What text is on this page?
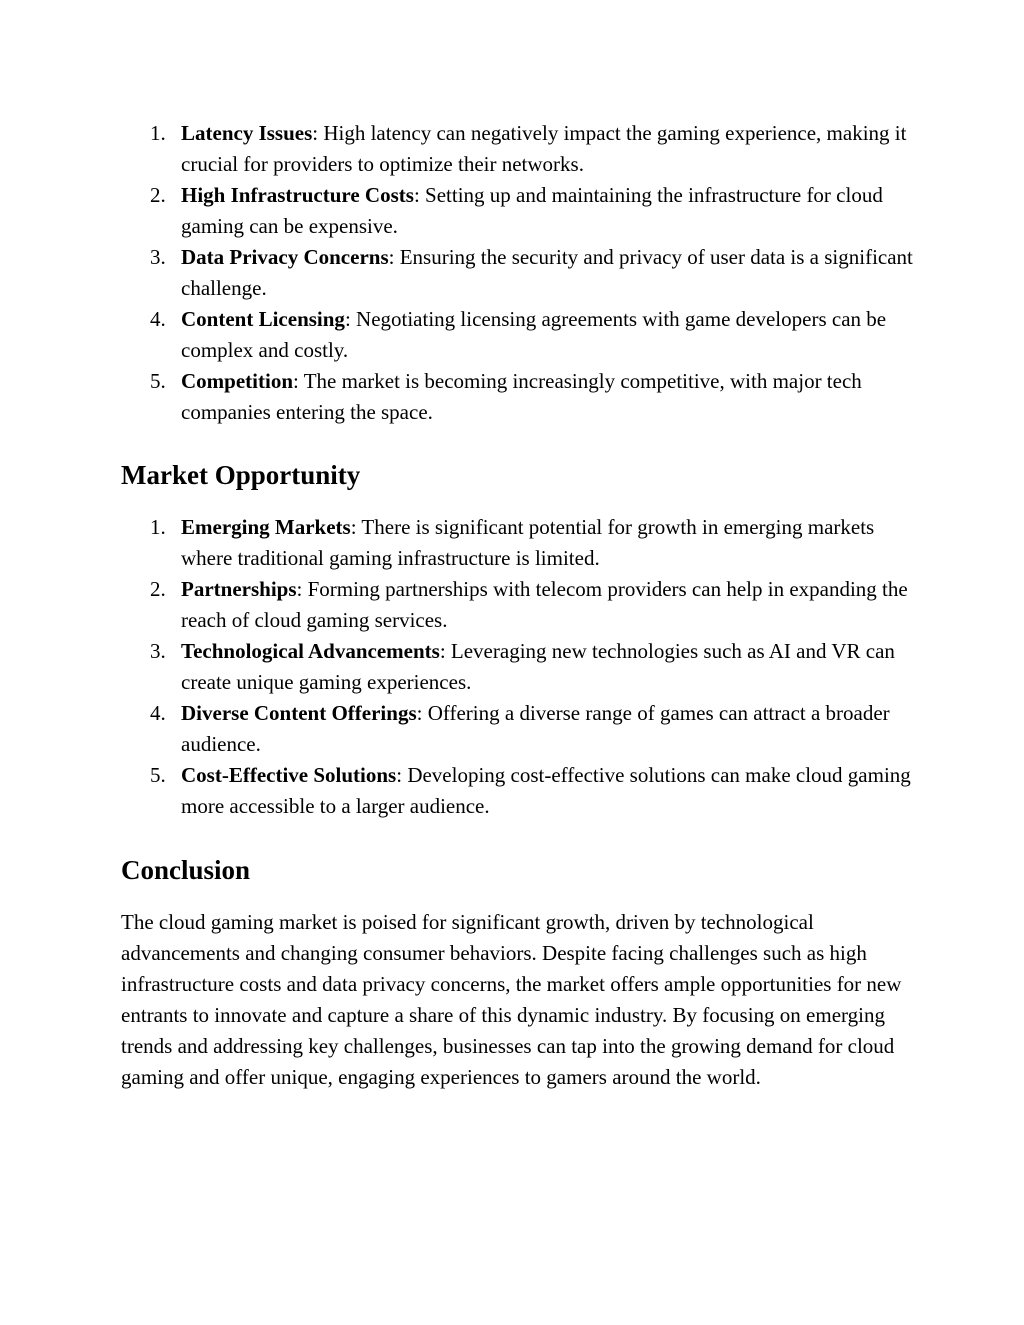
1. Latency Issues: High latency can negatively impact the gaming experience, making it crucial for providers to optimize their networks.
2. High Infrastructure Costs: Setting up and maintaining the infrastructure for cloud gaming can be expensive.
3. Data Privacy Concerns: Ensuring the security and privacy of user data is a significant challenge.
4. Content Licensing: Negotiating licensing agreements with game developers can be complex and costly.
5. Competition: The market is becoming increasingly competitive, with major tech companies entering the space.
Market Opportunity
1. Emerging Markets: There is significant potential for growth in emerging markets where traditional gaming infrastructure is limited.
2. Partnerships: Forming partnerships with telecom providers can help in expanding the reach of cloud gaming services.
3. Technological Advancements: Leveraging new technologies such as AI and VR can create unique gaming experiences.
4. Diverse Content Offerings: Offering a diverse range of games can attract a broader audience.
5. Cost-Effective Solutions: Developing cost-effective solutions can make cloud gaming more accessible to a larger audience.
Conclusion

The cloud gaming market is poised for significant growth, driven by technological advancements and changing consumer behaviors. Despite facing challenges such as high infrastructure costs and data privacy concerns, the market offers ample opportunities for new entrants to innovate and capture a share of this dynamic industry. By focusing on emerging trends and addressing key challenges, businesses can tap into the growing demand for cloud gaming and offer unique, engaging experiences to gamers around the world.
